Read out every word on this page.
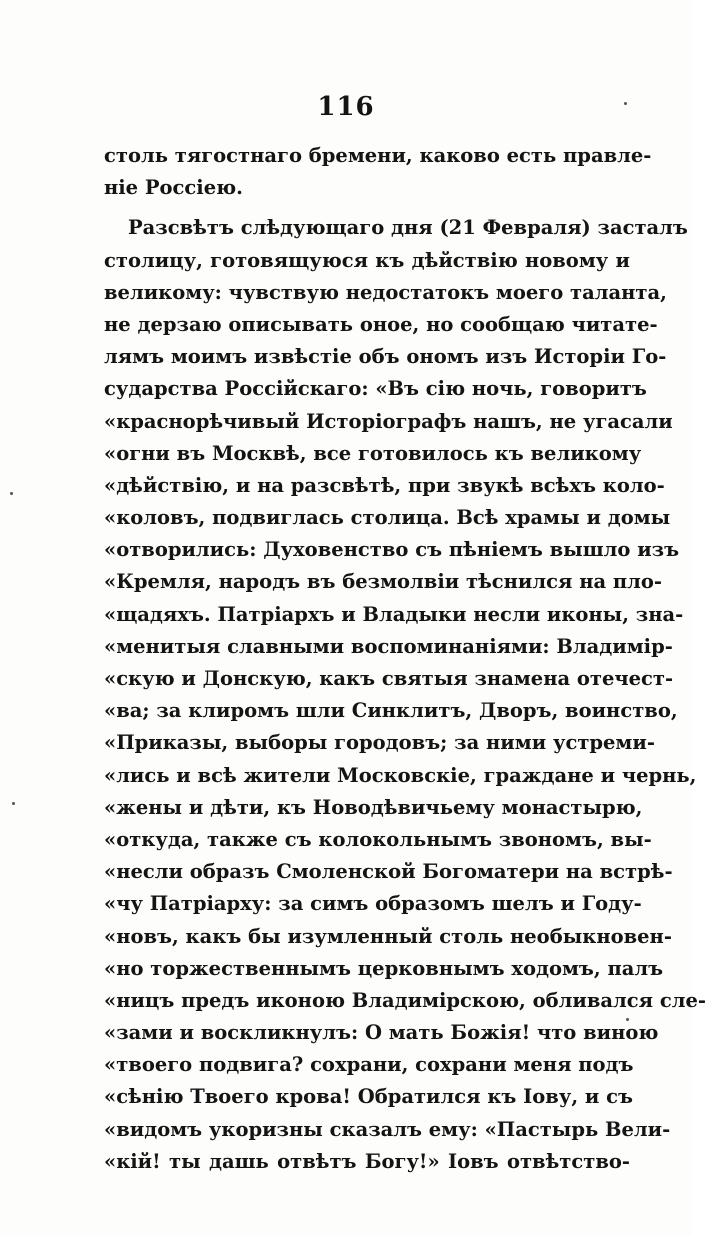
116
столь тягостнаго бремени, каково есть правле-
ніе Россіею.
Разсвѣтъ слѣдующаго дня (21 Февраля) засталъ
столицу, готовящуюся къ дѣйствію новому и
великому: чувствую недостатокъ моего таланта,
не дерзаю описывать оное, но сообщаю читате-
лямъ моимъ извѣстіе объ ономъ изъ Исторіи Го-
сударства Россійскаго: «Въ сію ночь, говоритъ
«краснорѣчивый Исторіографъ нашъ, не угасали
«огни въ Москвѣ, все готовилось къ великому
«дѣйствію, и на разсвѣтѣ, при звукѣ всѣхъ коло-
«коловъ, подвиглась столица. Всѣ храмы и домы
«отворились: Духовенство съ пѣніемъ вышло изъ
«Кремля, народъ въ безмолвіи тѣснился на пло-
«щадяхъ. Патріархъ и Владыки несли иконы, зна-
«менитыя славными воспоминаніями: Владимір-
«скую и Донскую, какъ святыя знамена отечест-
«ва; за клиромъ шли Синклитъ, Дворъ, воинство,
«Приказы, выборы городовъ; за ними устреми-
«лись и всѣ жители Московскіе, граждане и чернь,
«жены и дѣти, къ Новодѣвичьему монастырю,
«откуда, также съ колокольнымъ звономъ, вы-
«несли образъ Смоленской Богоматери на встрѣ-
«чу Патріарху: за симъ образомъ шелъ и Году-
«новъ, какъ бы изумленный столь необыкновен-
«но торжественнымъ церковнымъ ходомъ, палъ
«ницъ предъ иконою Владимірскою, обливался сле-
«зами и воскликнулъ: О мать Божія! что виною
«твоего подвига? сохрани, сохрани меня подъ
«сѣнію Твоего крова! Обратился къ Іову, и съ
«видомъ укоризны сказалъ ему: «Пастырь Вели-
«кій! ты дашь отвѣтъ Богу!» Іовъ отвѣтство-
